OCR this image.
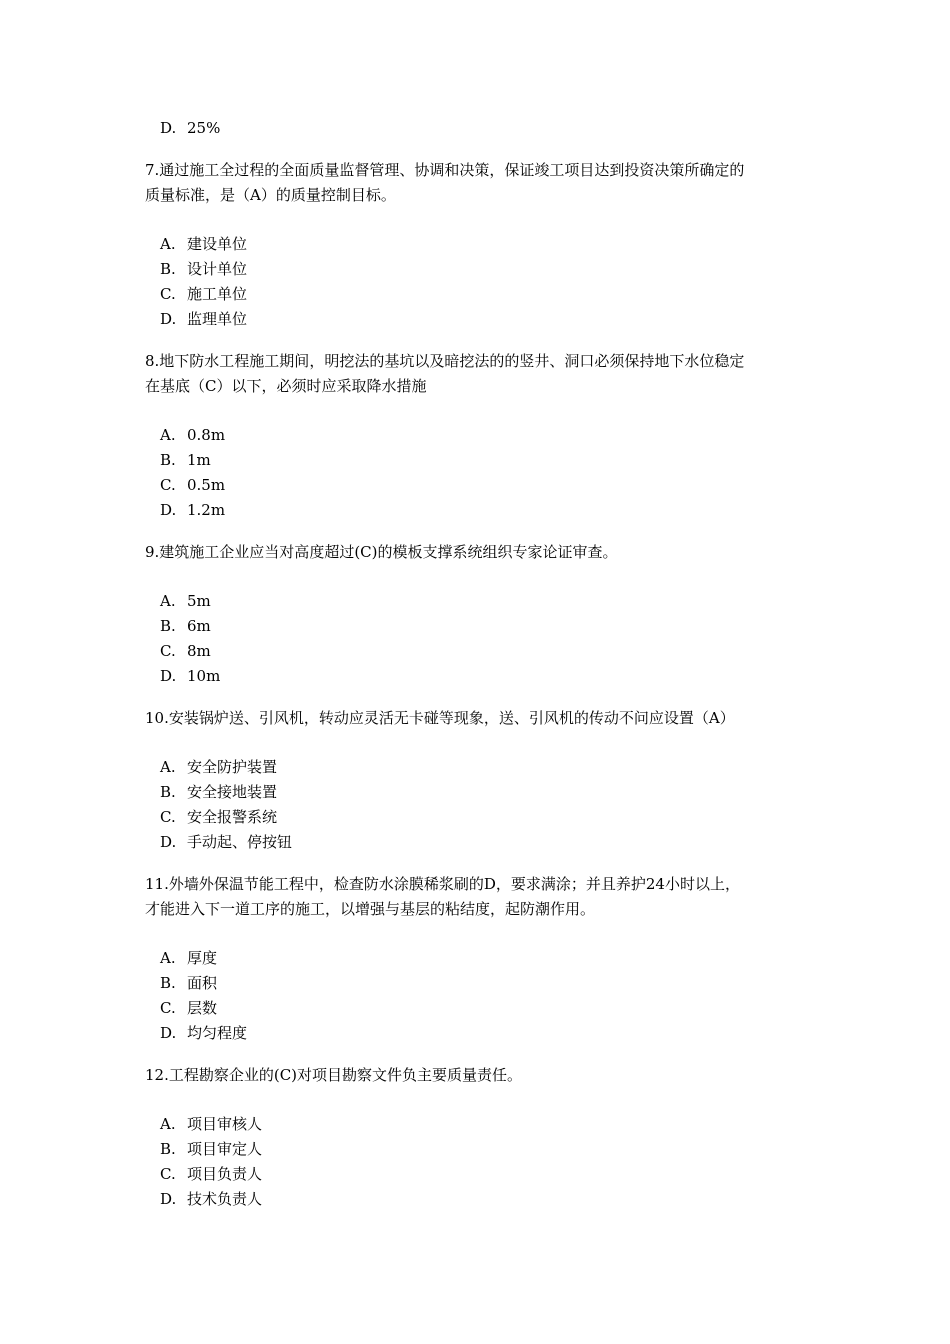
D. 25%
7.通过施工全过程的全面质量监督管理、协调和决策，保证竣工项目达到投资决策所确定的
质量标准，是（A）的质量控制目标。
A. 建设单位
B. 设计单位
C. 施工单位
D. 监理单位
8.地下防水工程施工期间，明挖法的基坑以及暗挖法的的竖井、洞口必须保持地下水位稳定
在基底（C）以下，必须时应采取降水措施
A. 0.8m
B. 1m
C. 0.5m
D. 1.2m
9.建筑施工企业应当对高度超过(C)的模板支撑系统组织专家论证审查。
A. 5m
B. 6m
C. 8m
D. 10m
10.安装锅炉送、引风机，转动应灵活无卡碰等现象，送、引风机的传动不问应设置（A）
A. 安全防护装置
B. 安全接地装置
C. 安全报警系统
D. 手动起、停按钮
11.外墙外保温节能工程中，检查防水涂膜稀浆刷的D，要求满涂；并且养护24小时以上，
才能进入下一道工序的施工，以增强与基层的粘结度，起防潮作用。
A. 厚度
B. 面积
C. 层数
D. 均匀程度
12.工程勘察企业的(C)对项目勘察文件负主要质量责任。
A. 项目审核人
B. 项目审定人
C. 项目负责人
D. 技术负责人
